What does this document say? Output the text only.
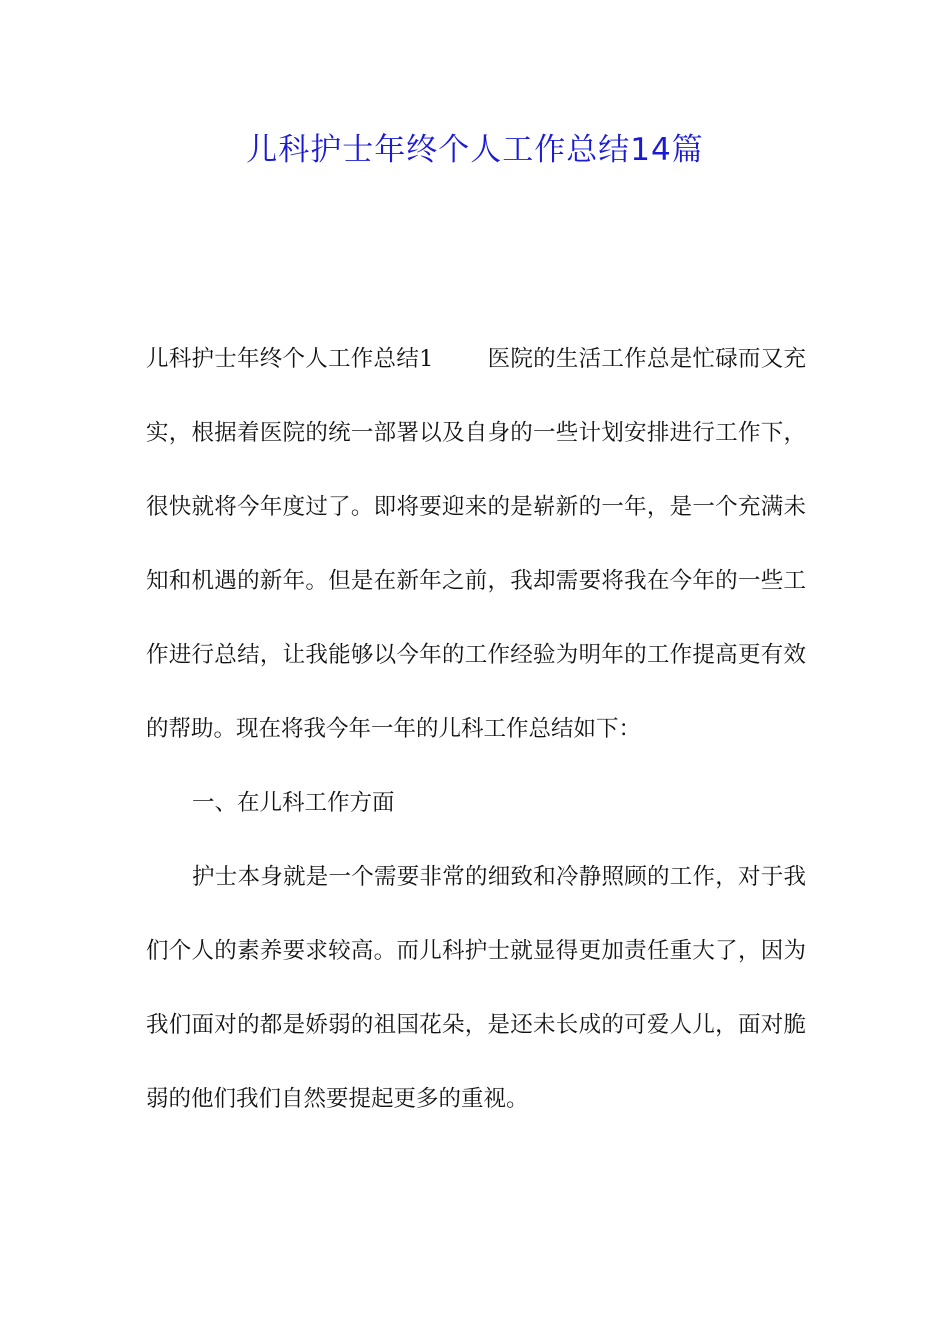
儿科护士年终个人工作总结14篇

儿科护士年终个人工作总结1 医院的生活工作总是忙碌而又充实，根据着医院的统一部署以及自身的一些计划安排进行工作下，很快就将今年度过了。即将要迎来的是崭新的一年，是一个充满未知和机遇的新年。但是在新年之前，我却需要将我在今年的一些工作进行总结，让我能够以今年的工作经验为明年的工作提高更有效的帮助。现在将我今年一年的儿科工作总结如下：

一、在儿科工作方面

护士本身就是一个需要非常的细致和冷静照顾的工作，对于我们个人的素养要求较高。而儿科护士就显得更加责任重大了，因为我们面对的都是娇弱的祖国花朵，是还未长成的可爱人儿，面对脆弱的他们我们自然要提起更多的重视。
